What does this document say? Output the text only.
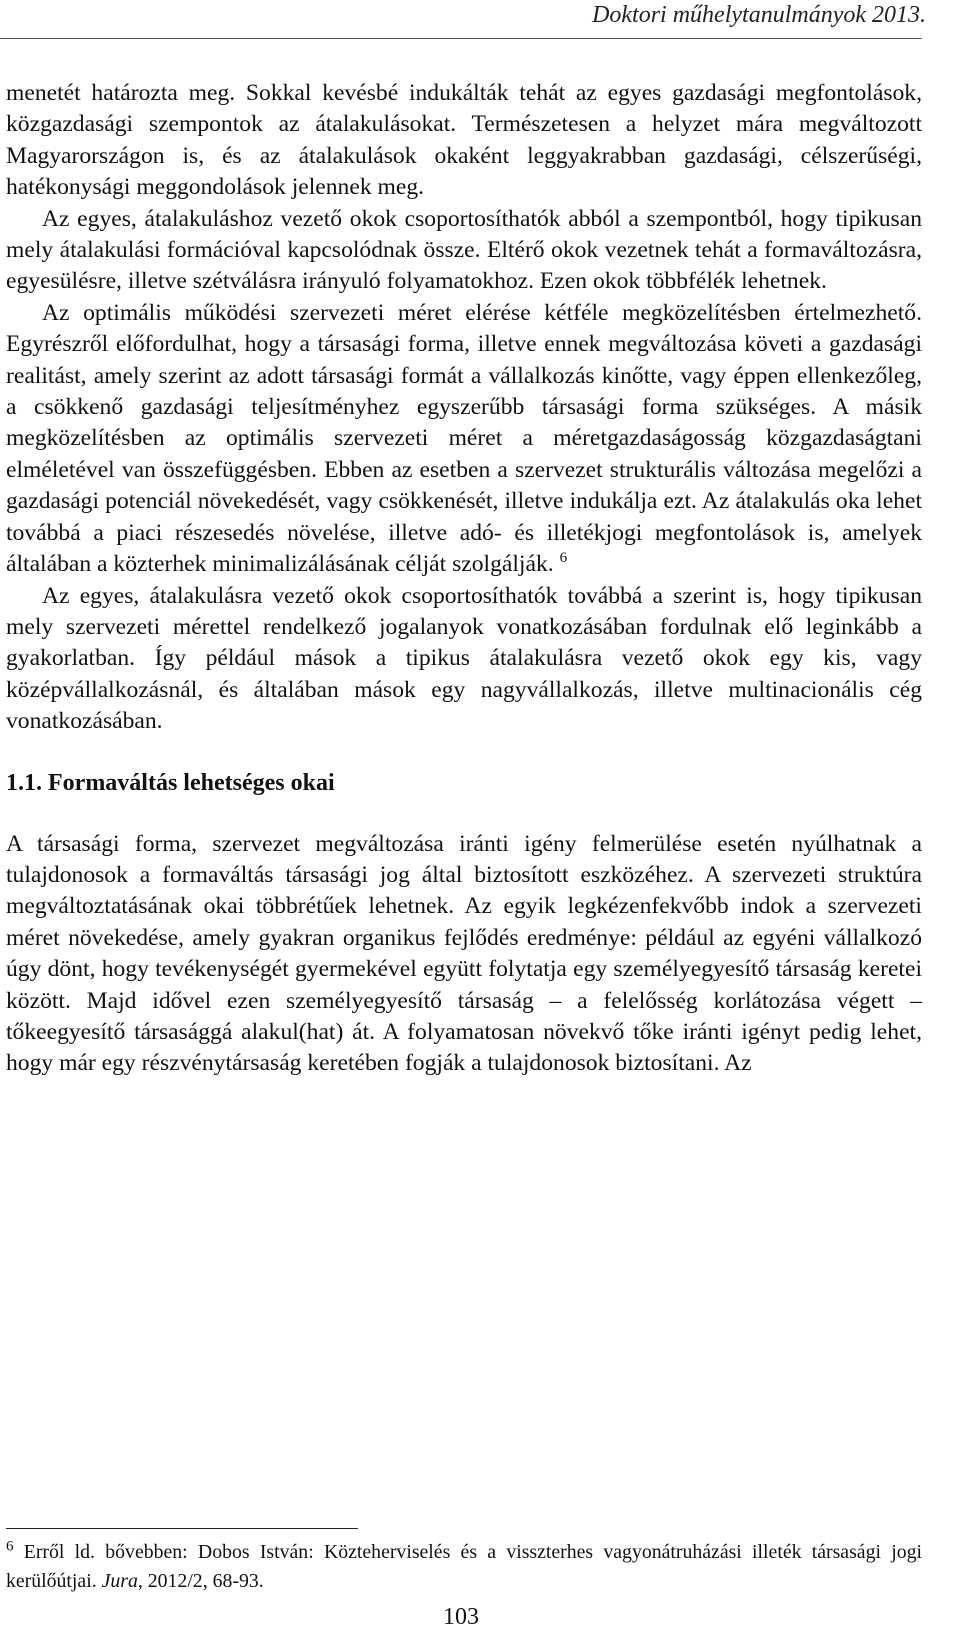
Doktori műhelytanulmányok 2013.

menetét határozta meg. Sokkal kevésbé indukálták tehát az egyes gazdasági megfontolások, közgazdasági szempontok az átalakulásokat. Természetesen a helyzet mára megváltozott Magyarországon is, és az átalakulások okaként leggyakrabban gazdasági, célszerűségi, hatékonysági meggondolások jelennek meg.

Az egyes, átalakuláshoz vezető okok csoportosíthatók abból a szempontból, hogy tipikusan mely átalakulási formációval kapcsolódnak össze. Eltérő okok vezetnek tehát a formaváltozásra, egyesülésre, illetve szétválásra irányuló folyamatokhoz. Ezen okok többfélék lehetnek.

Az optimális működési szervezeti méret elérése kétféle megközelítésben értelmezhető. Egyrészről előfordulhat, hogy a társasági forma, illetve ennek megváltozása követi a gazdasági realitást, amely szerint az adott társasági formát a vállalkozás kinőtte, vagy éppen ellenkezőleg, a csökkenő gazdasági teljesítményhez egyszerűbb társasági forma szükséges. A másik megközelítésben az optimális szervezeti méret a méretgazdaságosság közgazdaságtani elméletével van összefüggésben. Ebben az esetben a szervezet strukturális változása megelőzi a gazdasági potenciál növekedését, vagy csökkenését, illetve indukálja ezt. Az átalakulás oka lehet továbbá a piaci részesedés növelése, illetve adó- és illetékjogi megfontolások is, amelyek általában a közterhek minimalizálásának célját szolgálják. $^6$

Az egyes, átalakulásra vezető okok csoportosíthatók továbbá a szerint is, hogy tipikusan mely szervezeti mérettel rendelkező jogalanyok vonatkozásában fordulnak elő leginkább a gyakorlatban. Így például mások a tipikus átalakulásra vezető okok egy kis, vagy középvállalkozásnál, és általában mások egy nagyvállalkozás, illetve multinacionális cég vonatkozásában.

1.1. Formaváltás lehetséges okai

A társasági forma, szervezet megváltozása iránti igény felmerülése esetén nyúlhatnak a tulajdonosok a formaváltás társasági jog által biztosított eszközéhez. A szervezeti struktúra megváltoztatásának okai többrétűek lehetnek. Az egyik legkézenfekvőbb indok a szervezeti méret növekedése, amely gyakran organikus fejlődés eredménye: például az egyéni vállalkozó úgy dönt, hogy tevékenységét gyermekével együtt folytatja egy személyegyesítő társaság keretei között. Majd idővel ezen személyegyesítő társaság – a felelősség korlátozása végett – tőkeegyesítő társasággá alakul(hat) át. A folyamatosan növekvő tőke iránti igényt pedig lehet, hogy már egy részvénytársaság keretében fogják a tulajdonosok biztosítani. Az

$^6$ Erről ld. bővebben: Dobos István: Közteherviselés és a visszterhes vagyonátruházási illeték társasági jogi kerülőútjai. Jura, 2012/2, 68-93.
103
